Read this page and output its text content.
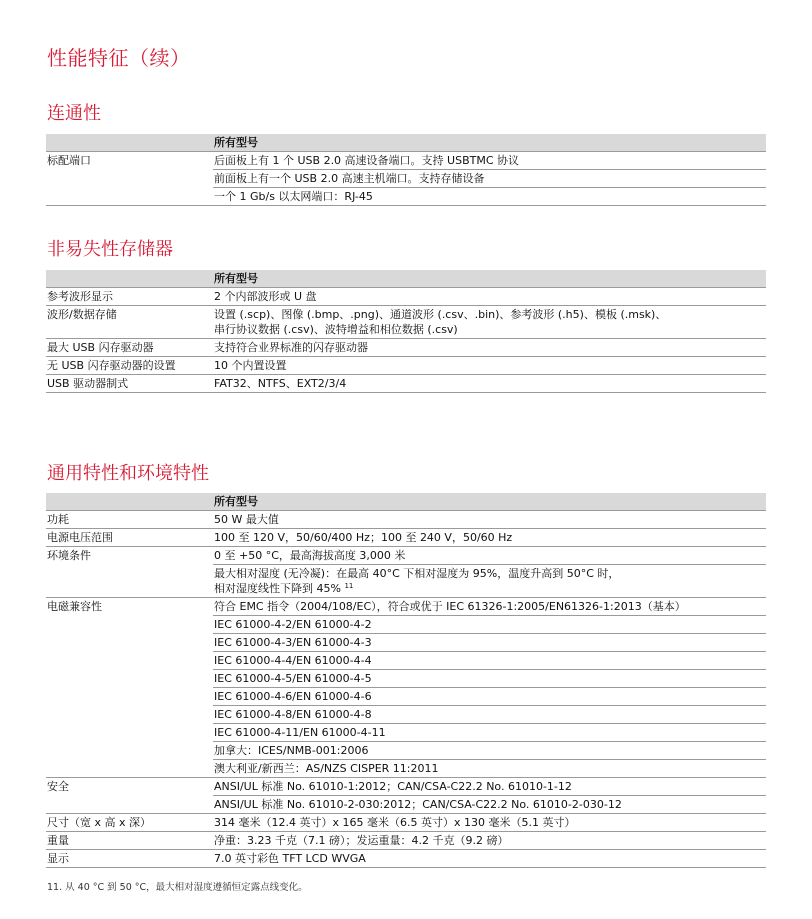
性能特征（续）
连通性
	所有型号
标配端口	后面板上有 1 个 USB 2.0 高速设备端口。支持 USBTMC 协议

	前面板上有一个 USB 2.0 高速主机端口。支持存储设备

	一个 1 Gb/s 以太网端口：RJ-45
非易失性存储器
	所有型号
参考波形显示	2 个内部波形或 U 盘

波形/数据存储	设置 (.scp)、图像 (.bmp、.png)、通道波形 (.csv、.bin)、参考波形 (.h5)、模板 (.msk)、
串行协议数据 (.csv)、波特增益和相位数据 (.csv)

最大 USB 闪存驱动器	支持符合业界标准的闪存驱动器

无 USB 闪存驱动器的设置	10 个内置设置

USB 驱动器制式	FAT32、NTFS、EXT2/3/4
通用特性和环境特性
	所有型号
功耗	50 W 最大值

电源电压范围	100 至 120 V，50/60/400 Hz；100 至 240 V，50/60 Hz

环境条件	0 至 +50 °C，最高海拔高度 3,000 米

	最大相对湿度 (无冷凝)：在最高 40°C 下相对湿度为 95%，温度升高到 50°C 时，
相对湿度线性下降到 45% $^{11}$

电磁兼容性	符合 EMC 指令（2004/108/EC），符合或优于 IEC 61326-1:2005/EN61326-1:2013（基本）

	IEC 61000-4-2/EN 61000-4-2

	IEC 61000-4-3/EN 61000-4-3

	IEC 61000-4-4/EN 61000-4-4

	IEC 61000-4-5/EN 61000-4-5

	IEC 61000-4-6/EN 61000-4-6

	IEC 61000-4-8/EN 61000-4-8

	IEC 61000-4-11/EN 61000-4-11

	加拿大：ICES/NMB-001:2006

	澳大利亚/新西兰：AS/NZS CISPER 11:2011

安全	ANSI/UL 标准 No. 61010-1:2012；CAN/CSA-C22.2 No. 61010-1-12

	ANSI/UL 标准 No. 61010-2-030:2012；CAN/CSA-C22.2 No. 61010-2-030-12

尺寸（宽 x 高 x 深）	314 毫米（12.4 英寸）x 165 毫米（6.5 英寸）x 130 毫米（5.1 英寸）

重量	净重：3.23 千克（7.1 磅）；发运重量：4.2 千克（9.2 磅）

显示	7.0 英寸彩色 TFT LCD WVGA
11. 从 40 °C 到 50 °C，最大相对湿度遵循恒定露点线变化。
